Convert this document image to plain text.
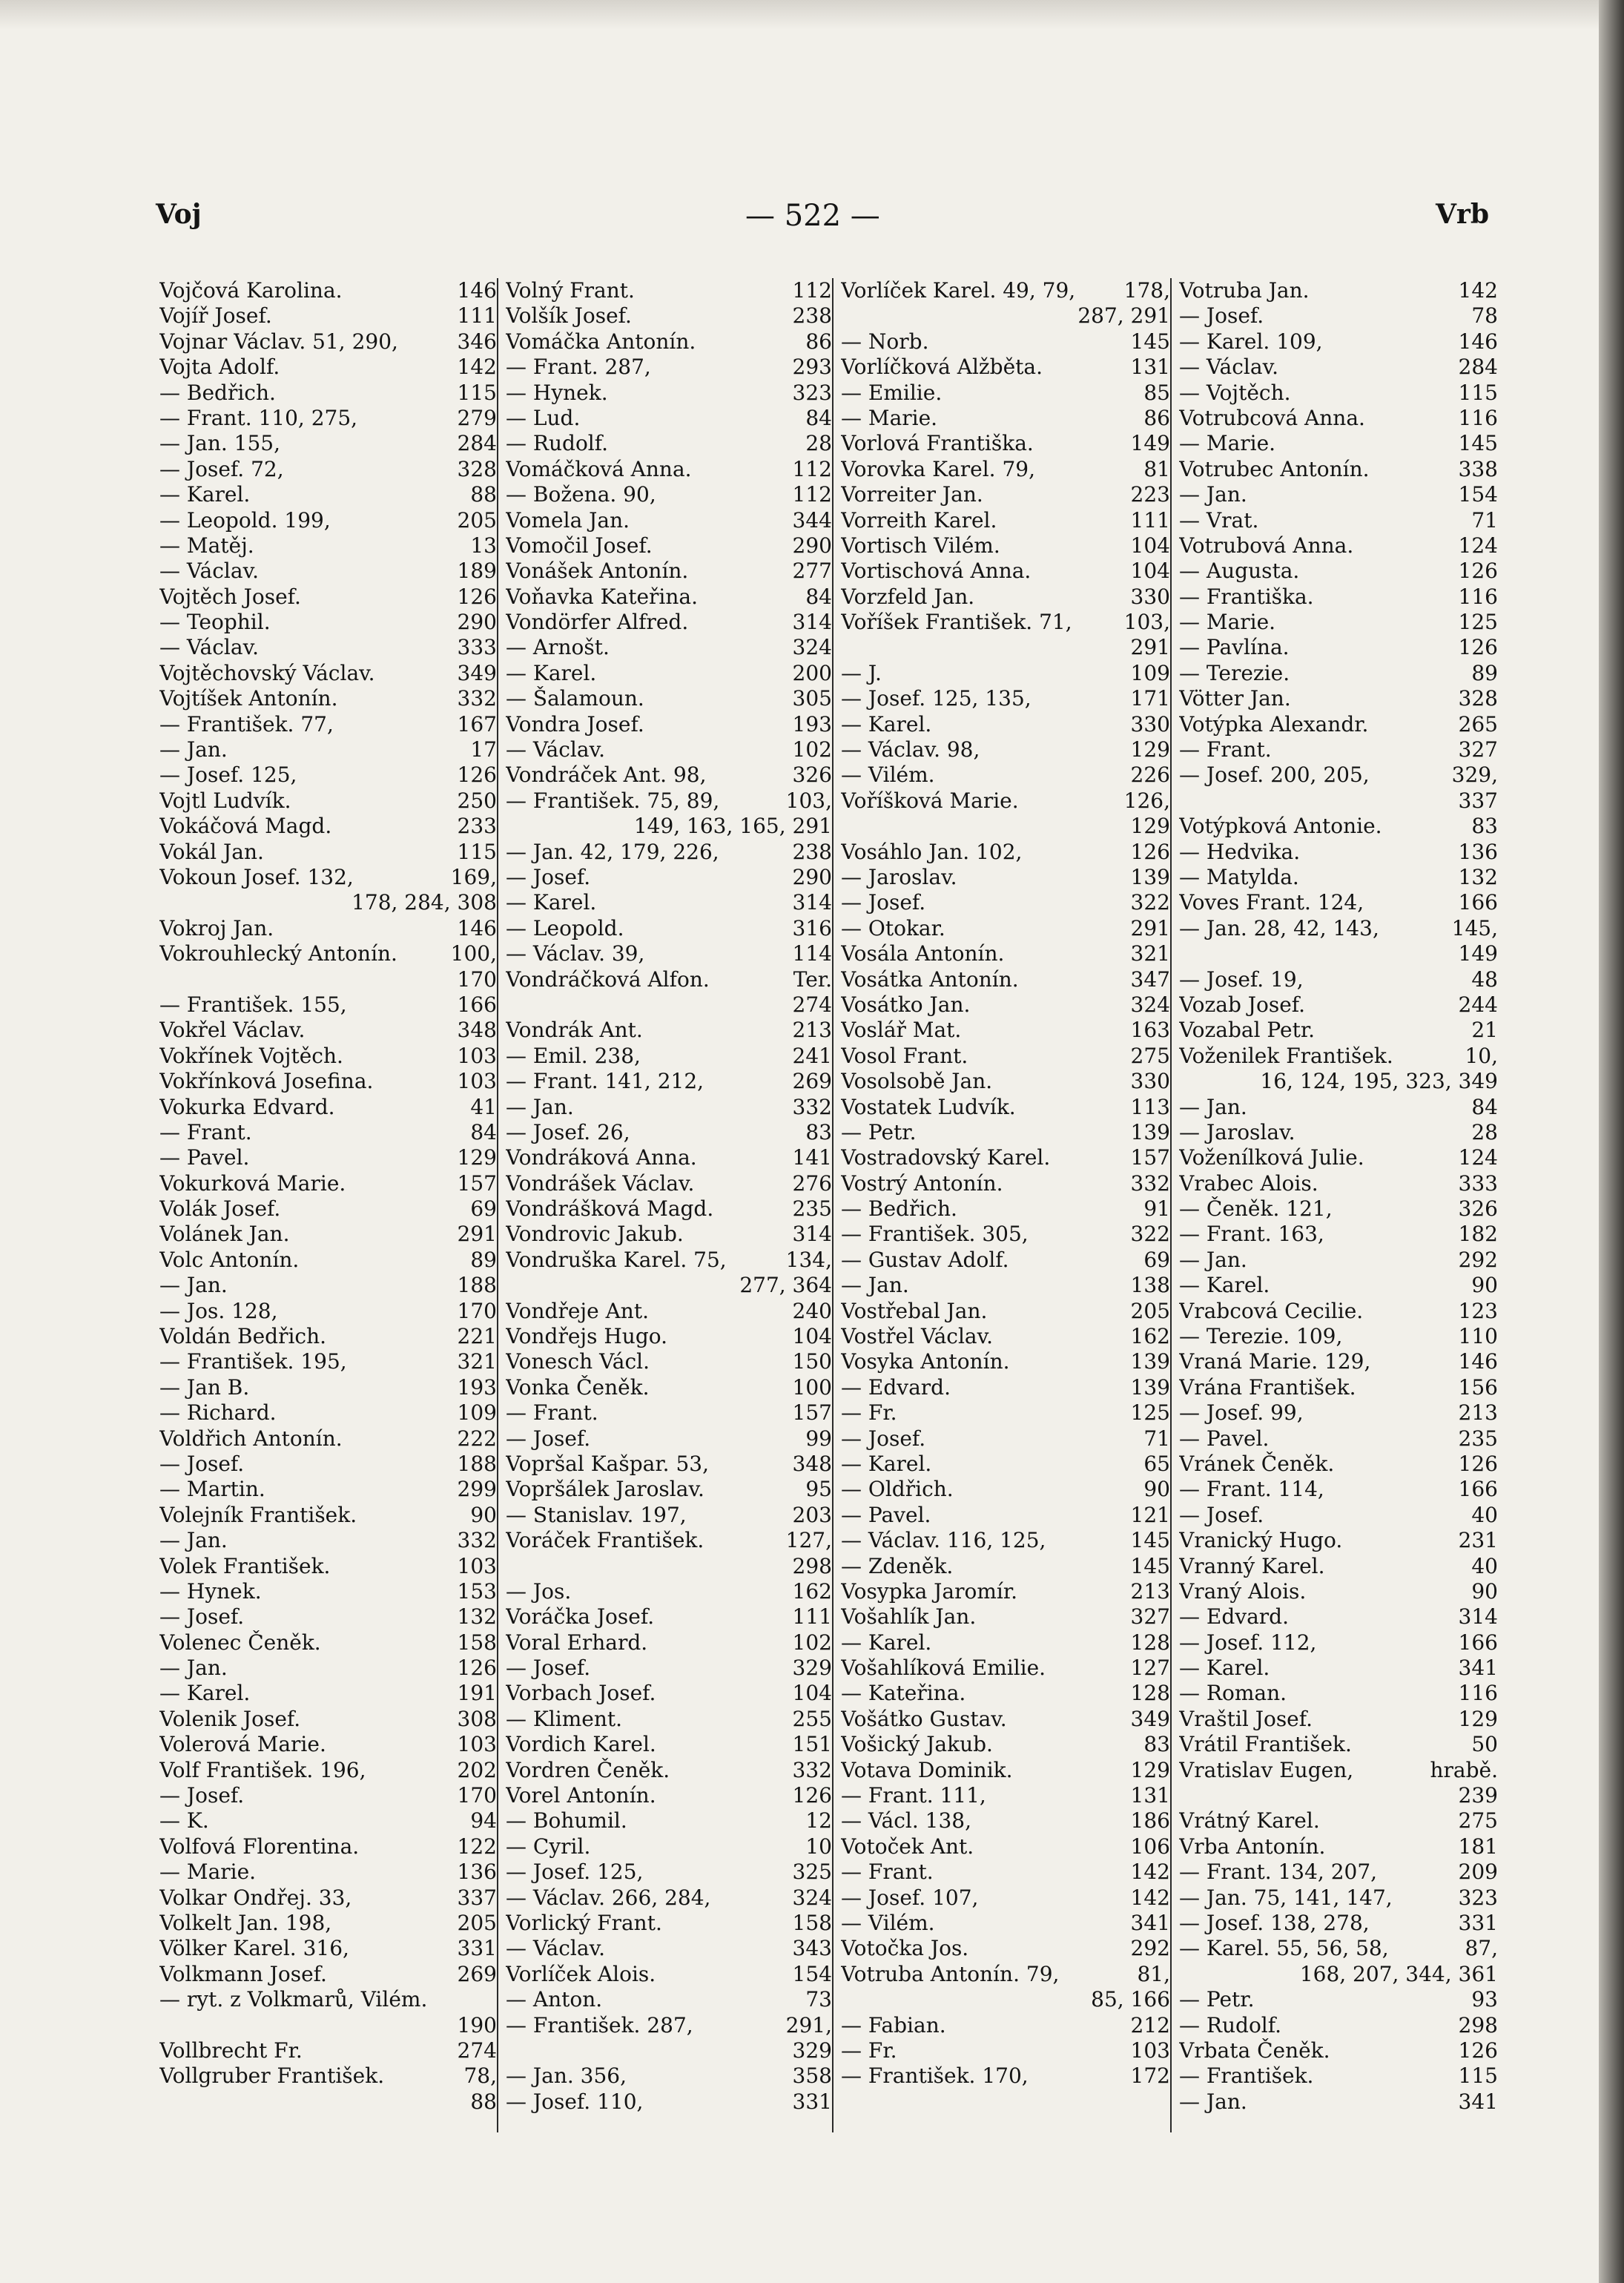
Voj	— 522 —	Vrb
Vojčová Karolina.	146
Vojíř Josef.	111
Vojnar Václav. 51, 290,	346
Vojta Adolf.	142
— Bedřich.	115
— Frant. 110, 275,	279
— Jan. 155,	284
— Josef. 72,	328
— Karel.	88
— Leopold. 199,	205
— Matěj.	13
— Václav.	189
Vojtěch Josef.	126
— Teophil.	290
— Václav.	333
Vojtěchovský Václav.	349
Vojtíšek Antonín.	332
— František. 77,	167
— Jan.	17
— Josef. 125,	126
Vojtl Ludvík.	250
Vokáčová Magd.	233
Vokál Jan.	115
Vokoun Josef. 132,	169,
178, 284, 308
Vokroj Jan.	146
Vokrouhlecký Antonín.	100,
170
— František. 155,	166
Vokřel Václav.	348
Vokřínek Vojtěch.	103
Vokřínková Josefina.	103
Vokurka Edvard.	41
— Frant.	84
— Pavel.	129
Vokurková Marie.	157
Volák Josef.	69
Volánek Jan.	291
Volc Antonín.	89
— Jan.	188
— Jos. 128,	170
Voldán Bedřich.	221
— František. 195,	321
— Jan B.	193
— Richard.	109
Voldřich Antonín.	222
— Josef.	188
— Martin.	299
Volejník František.	90
— Jan.	332
Volek František.	103
— Hynek.	153
— Josef.	132
Volenec Čeněk.	158
— Jan.	126
— Karel.	191
Volenik Josef.	308
Volerová Marie.	103
Volf František. 196,	202
— Josef.	170
— K.	94
Volfová Florentina.	122
— Marie.	136
Volkar Ondřej. 33,	337
Volkelt Jan. 198,	205
Völker Karel. 316,	331
Volkmann Josef.	269
— ryt. z Volkmarů, Vilém.
190
Vollbrecht Fr.	274
Vollgruber František.	78,
88
Volný Frant.	112
Volšík Josef.	238
Vomáčka Antonín.	86
— Frant. 287,	293
— Hynek.	323
— Lud.	84
— Rudolf.	28
Vomáčková Anna.	112
— Božena. 90,	112
Vomela Jan.	344
Vomočil Josef.	290
Vonášek Antonín.	277
Voňavka Kateřina.	84
Vondörfer Alfred.	314
— Arnošt.	324
— Karel.	200
— Šalamoun.	305
Vondra Josef.	193
— Václav.	102
Vondráček Ant. 98,	326
— František. 75, 89,	103,
149, 163, 165, 291
— Jan. 42, 179, 226,	238
— Josef.	290
— Karel.	314
— Leopold.	316
— Václav. 39,	114
Vondráčková Alfon.	Ter.
274
Vondrák Ant.	213
— Emil. 238,	241
— Frant. 141, 212,	269
— Jan.	332
— Josef. 26,	83
Vondráková Anna.	141
Vondrášek Václav.	276
Vondrášková Magd.	235
Vondrovic Jakub.	314
Vondruška Karel. 75,	134,
277, 364
Vondřeje Ant.	240
Vondřejs Hugo.	104
Vonesch Václ.	150
Vonka Čeněk.	100
— Frant.	157
— Josef.	99
Vopršal Kašpar. 53,	348
Vopršálek Jaroslav.	95
— Stanislav. 197,	203
Voráček František.	127,
298
— Jos.	162
Voráčka Josef.	111
Voral Erhard.	102
— Josef.	329
Vorbach Josef.	104
— Kliment.	255
Vordich Karel.	151
Vordren Čeněk.	332
Vorel Antonín.	126
— Bohumil.	12
— Cyril.	10
— Josef. 125,	325
— Václav. 266, 284,	324
Vorlický Frant.	158
— Václav.	343
Vorlíček Alois.	154
— Anton.	73
— František. 287,	291,
329
— Jan. 356,	358
— Josef. 110,	331
Vorlíček Karel. 49, 79, 178,
287, 291
— Norb.	145
Vorlíčková Alžběta.	131
— Emilie.	85
— Marie.	86
Vorlová Františka.	149
Vorovka Karel. 79,	81
Vorreiter Jan.	223
Vorreith Karel.	111
Vortisch Vilém.	104
Vortischová Anna.	104
Vorzfeld Jan.	330
Voříšek František. 71,	103,
291
— J.	109
— Josef. 125, 135,	171
— Karel.	330
— Václav. 98,	129
— Vilém.	226
Voříšková Marie.	126,
129
Vosáhlo Jan. 102,	126
— Jaroslav.	139
— Josef.	322
— Otokar.	291
Vosála Antonín.	321
Vosátka Antonín.	347
Vosátko Jan.	324
Voslář Mat.	163
Vosol Frant.	275
Vosolsobě Jan.	330
Vostatek Ludvík.	113
— Petr.	139
Vostradovský Karel.	157
Vostrý Antonín.	332
— Bedřich.	91
— František. 305,	322
— Gustav Adolf.	69
— Jan.	138
Vostřebal Jan.	205
Vostřel Václav.	162
Vosyka Antonín.	139
— Edvard.	139
— Fr.	125
— Josef.	71
— Karel.	65
— Oldřich.	90
— Pavel.	121
— Václav. 116, 125,	145
— Zdeněk.	145
Vosypka Jaromír.	213
Vošahlík Jan.	327
— Karel.	128
Vošahlíková Emilie.	127
— Kateřina.	128
Vošátko Gustav.	349
Vošický Jakub.	83
Votava Dominik.	129
— Frant. 111,	131
— Václ. 138,	186
Votoček Ant.	106
— Frant.	142
— Josef. 107,	142
— Vilém.	341
Votočka Jos.	292
Votruba Antonín. 79,	81,
85, 166
— Fabian.	212
— Fr.	103
— František. 170,	172
Votruba Jan.	142
— Josef.	78
— Karel. 109,	146
— Václav.	284
— Vojtěch.	115
Votrubcová Anna.	116
— Marie.	145
Votrubec Antonín.	338
— Jan.	154
— Vrat.	71
Votrubová Anna.	124
— Augusta.	126
— Františka.	116
— Marie.	125
— Pavlína.	126
— Terezie.	89
Vötter Jan.	328
Votýpka Alexandr.	265
— Frant.	327
— Josef. 200, 205,	329,
337
Votýpková Antonie.	83
— Hedvika.	136
— Matylda.	132
Voves Frant. 124,	166
— Jan. 28, 42, 143,	145,
149
— Josef. 19,	48
Vozab Josef.	244
Vozabal Petr.	21
Voženilek František.	10,
16, 124, 195, 323, 349
— Jan.	84
— Jaroslav.	28
Voženílková Julie.	124
Vrabec Alois.	333
— Čeněk. 121,	326
— Frant. 163,	182
— Jan.	292
— Karel.	90
Vrabcová Cecilie.	123
— Terezie. 109,	110
Vraná Marie. 129,	146
Vrána František.	156
— Josef. 99,	213
— Pavel.	235
Vránek Čeněk.	126
— Frant. 114,	166
— Josef.	40
Vranický Hugo.	231
Vranný Karel.	40
Vraný Alois.	90
— Edvard.	314
— Josef. 112,	166
— Karel.	341
— Roman.	116
Vraštil Josef.	129
Vrátil František.	50
Vratislav Eugen,	hrabě.
239
Vrátný Karel.	275
Vrba Antonín.	181
— Frant. 134, 207,	209
— Jan. 75, 141, 147,	323
— Josef. 138, 278,	331
— Karel. 55, 56, 58,	87,
168, 207, 344, 361
— Petr.	93
— Rudolf.	298
Vrbata Čeněk.	126
— František.	115
— Jan.	341
